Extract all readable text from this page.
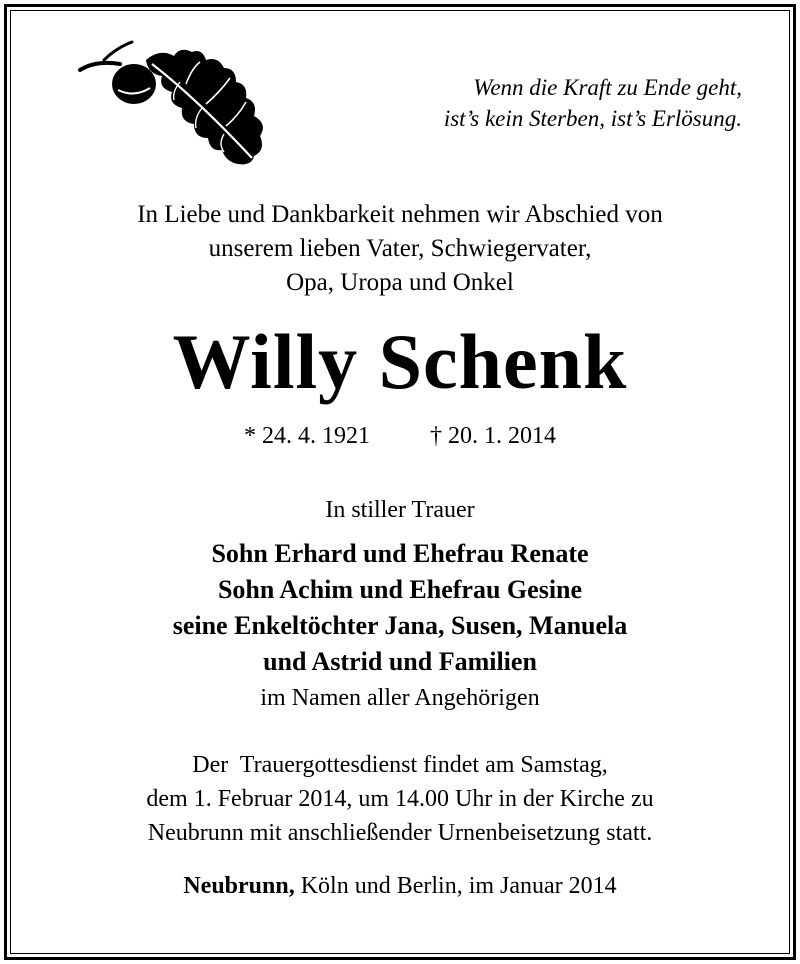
Wenn die Kraft zu Ende geht,
ist’s kein Sterben, ist’s Erlösung.
In Liebe und Dankbarkeit nehmen wir Abschied von
unserem lieben Vater, Schwiegervater,
Opa, Uropa und Onkel
Willy Schenk
* 24. 4. 1921	† 20. 1. 2014
In stiller Trauer
Sohn Erhard und Ehefrau Renate
Sohn Achim und Ehefrau Gesine
seine Enkeltöchter Jana, Susen, Manuela
und Astrid und Familien
im Namen aller Angehörigen
Der  Trauergottesdienst findet am Samstag,
dem 1. Februar 2014, um 14.00 Uhr in der Kirche zu
Neubrunn mit anschließender Urnenbeisetzung statt.
Neubrunn, Köln und Berlin, im Januar 2014
